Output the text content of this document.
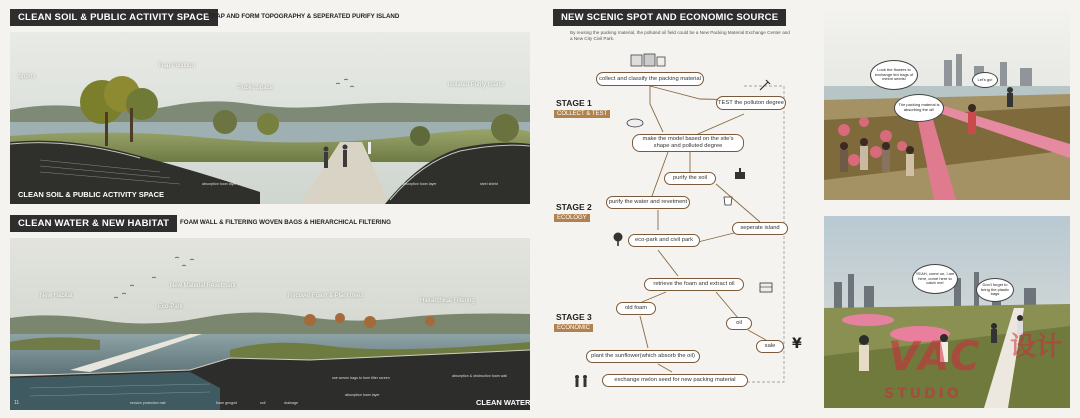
CLEAN SOIL & PUBLIC ACTIVITY SPACE
TRAP AND FORM TOPOGRAPHY & SEPERATED PURIFY ISLAND
Sports
Trap Pollution
Public Space	Isolated Purify Island
absorption foam layer	absorption foam layer	steel shield
CLEAN SOIL & PUBLIC ACTIVITY SPACE
CLEAN WATER & NEW HABITAT	FOAM WALL & FILTERING WOVEN BAGS & HIERARCHICAL FILTERING
New Habitat
New Material Revetment
Eco-Park
Recover Foam & Plant trees
Hierarchical Filtering
erosion protection mat	foam geogrid	soil	drainage
use woven bags to form filter screen
absorption foam layer
absorption & obstruction foam wall
11	CLEAN WATER
NEW SCENIC SPOT AND ECONOMIC SOURCE
By reusing the packing material, the polluted oil field could be a New Packing Material Exchange Center and a New City Civil Park.
collect and classify the packing material
TEST the polluton degree
make the model based on the site's shape and polluted degree
purify the soil
purify the water and revetment
seperate island
eco-park and civil park
retrieve the foam and extract oil
old foam
oil
sale
plant the sunflower(which absorb the oil)
exchange melon seed for new packing material
STAGE 1
COLLECT & TEST
STAGE 2
ECOLOGY
STAGE 3
ECONOMIC
¥
Look the flowers to exchange ten bags of melon seeds!	Let's go!
The packing material is absorbing the oil!
YEAH, come on, I am here, come here to catch me!	Don't forget to bring the plastic bags
VAC
STUDIO
设计
